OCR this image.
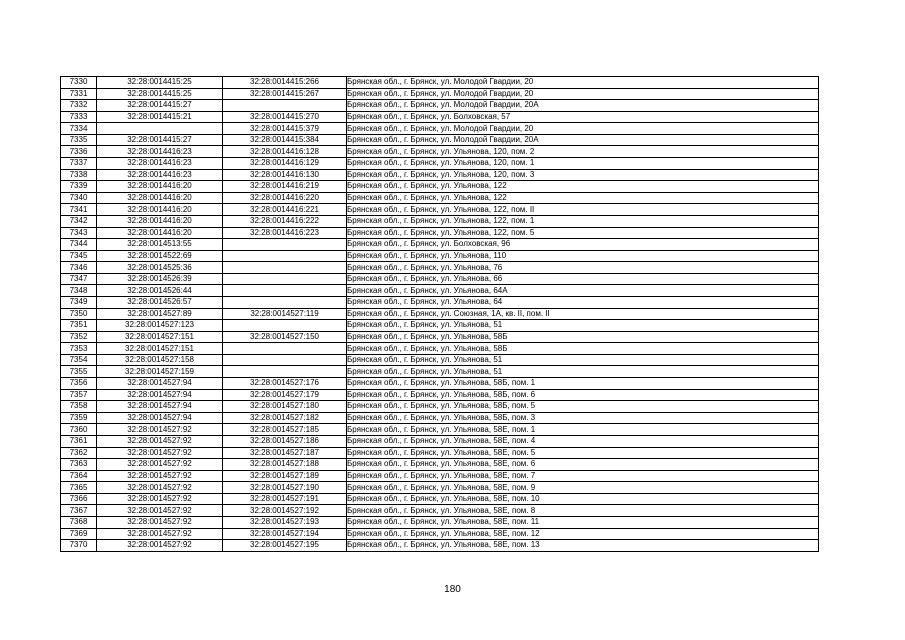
7330	32:28:0014415:25	32:28:0014415:266	Брянская обл., г. Брянск, ул. Молодой Гвардии, 20
7331	32:28:0014415:25	32:28:0014415:267	Брянская обл., г. Брянск, ул. Молодой Гвардии, 20
7332	32:28:0014415:27		Брянская обл., г. Брянск, ул. Молодой Гвардии, 20А
7333	32:28:0014415:21	32:28:0014415:270	Брянская обл., г. Брянск, ул. Болховская, 57
7334		32:28:0014415:379	Брянская обл., г. Брянск, ул. Молодой Гвардии, 20
7335	32:28:0014415:27	32:28:0014415:384	Брянская обл., г. Брянск, ул. Молодой Гвардии, 20А
7336	32:28:0014416:23	32:28:0014416:128	Брянская обл., г. Брянск, ул. Ульянова, 120, пом. 2
7337	32:28:0014416:23	32:28:0014416:129	Брянская обл., г. Брянск, ул. Ульянова, 120, пом. 1
7338	32:28:0014416:23	32:28:0014416:130	Брянская обл., г. Брянск, ул. Ульянова, 120, пом. 3
7339	32:28:0014416:20	32:28:0014416:219	Брянская обл., г. Брянск, ул. Ульянова, 122
7340	32:28:0014416:20	32:28:0014416:220	Брянская обл., г. Брянск, ул. Ульянова, 122
7341	32:28:0014416:20	32:28:0014416:221	Брянская обл., г. Брянск, ул. Ульянова, 122, пом. II
7342	32:28:0014416:20	32:28:0014416:222	Брянская обл., г. Брянск, ул. Ульянова, 122, пом. 1
7343	32:28:0014416:20	32:28:0014416:223	Брянская обл., г. Брянск, ул. Ульянова, 122, пом. 5
7344	32:28:0014513:55		Брянская обл., г. Брянск, ул. Болховская, 96
7345	32:28:0014522:69		Брянская обл., г. Брянск, ул. Ульянова, 110
7346	32:28:0014525:36		Брянская обл., г. Брянск, ул. Ульянова, 76
7347	32:28:0014526:39		Брянская обл., г. Брянск, ул. Ульянова, 66
7348	32:28:0014526:44		Брянская обл., г. Брянск, ул. Ульянова, 64А
7349	32:28:0014526:57		Брянская обл., г. Брянск, ул. Ульянова, 64
7350	32:28:0014527:89	32:28:0014527:119	Брянская обл., г. Брянск, ул. Союзная, 1А, кв. II, пом. II
7351	32:28:0014527:123		Брянская обл., г. Брянск, ул. Ульянова, 51
7352	32:28:0014527:151	32:28:0014527:150	Брянская обл., г. Брянск, ул. Ульянова, 58Б
7353	32:28:0014527:151		Брянская обл., г. Брянск, ул. Ульянова, 58Б
7354	32:28:0014527:158		Брянская обл., г. Брянск, ул. Ульянова, 51
7355	32:28:0014527:159		Брянская обл., г. Брянск, ул. Ульянова, 51
7356	32:28:0014527:94	32:28:0014527:176	Брянская обл., г. Брянск, ул. Ульянова, 58Б, пом. 1
7357	32:28:0014527:94	32:28:0014527:179	Брянская обл., г. Брянск, ул. Ульянова, 58Б, пом. 6
7358	32:28:0014527:94	32:28:0014527:180	Брянская обл., г. Брянск, ул. Ульянова, 58Б, пом. 5
7359	32:28:0014527:94	32:28:0014527:182	Брянская обл., г. Брянск, ул. Ульянова, 58Б, пом. 3
7360	32:28:0014527:92	32:28:0014527:185	Брянская обл., г. Брянск, ул. Ульянова, 58Е, пом. 1
7361	32:28:0014527:92	32:28:0014527:186	Брянская обл., г. Брянск, ул. Ульянова, 58Е, пом. 4
7362	32:28:0014527:92	32:28:0014527:187	Брянская обл., г. Брянск, ул. Ульянова, 58Е, пом. 5
7363	32:28:0014527:92	32:28:0014527:188	Брянская обл., г. Брянск, ул. Ульянова, 58Е, пом. 6
7364	32:28:0014527:92	32:28:0014527:189	Брянская обл., г. Брянск, ул. Ульянова, 58Е, пом. 7
7365	32:28:0014527:92	32:28:0014527:190	Брянская обл., г. Брянск, ул. Ульянова, 58Е, пом. 9
7366	32:28:0014527:92	32:28:0014527:191	Брянская обл., г. Брянск, ул. Ульянова, 58Е, пом. 10
7367	32:28:0014527:92	32:28:0014527:192	Брянская обл., г. Брянск, ул. Ульянова, 58Е, пом. 8
7368	32:28:0014527:92	32:28:0014527:193	Брянская обл., г. Брянск, ул. Ульянова, 58Е, пом. 11
7369	32:28:0014527:92	32:28:0014527:194	Брянская обл., г. Брянск, ул. Ульянова, 58Е, пом. 12
7370	32:28:0014527:92	32:28:0014527:195	Брянская обл., г. Брянск, ул. Ульянова, 58Е, пом. 13
180
